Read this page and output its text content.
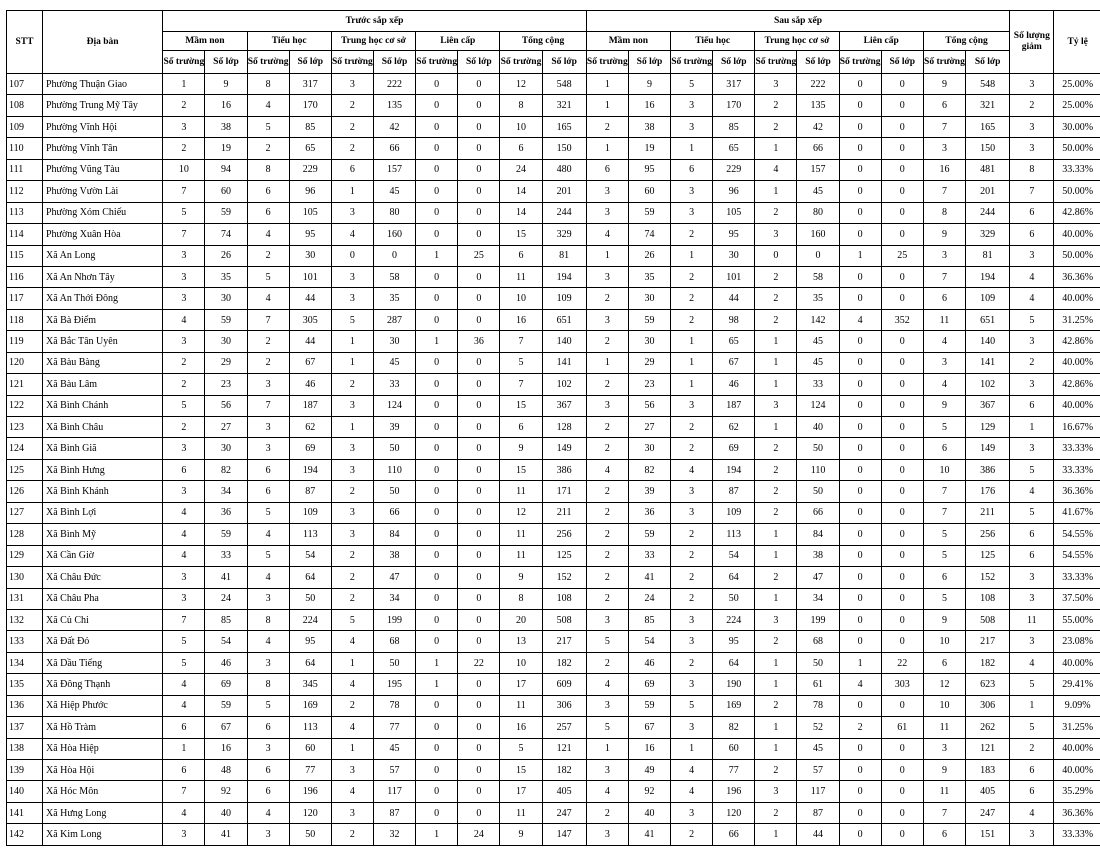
STT	Địa bàn	Trước sắp xếp										Sau sắp xếp										Số lượng giảm	Tỷ lệ
		Mầm non		Tiểu học		Trung học cơ sở		Liên cấp		Tổng cộng		Mầm non		Tiểu học		Trung học cơ sở		Liên cấp		Tổng cộng			
		Số trường	Số lớp	Số trường	Số lớp	Số trường	Số lớp	Số trường	Số lớp	Số trường	Số lớp	Số trường	Số lớp	Số trường	Số lớp	Số trường	Số lớp	Số trường	Số lớp	Số trường	Số lớp		
107	Phường Thuận Giao	1	9	8	317	3	222	0	0	12	548	1	9	5	317	3	222	0	0	9	548	3	25.00%
108	Phường Trung Mỹ Tây	2	16	4	170	2	135	0	0	8	321	1	16	3	170	2	135	0	0	6	321	2	25.00%
109	Phường Vĩnh Hội	3	38	5	85	2	42	0	0	10	165	2	38	3	85	2	42	0	0	7	165	3	30.00%
110	Phường Vĩnh Tân	2	19	2	65	2	66	0	0	6	150	1	19	1	65	1	66	0	0	3	150	3	50.00%
111	Phường Vũng Tàu	10	94	8	229	6	157	0	0	24	480	6	95	6	229	4	157	0	0	16	481	8	33.33%
112	Phường Vườn Lài	7	60	6	96	1	45	0	0	14	201	3	60	3	96	1	45	0	0	7	201	7	50.00%
113	Phường Xóm Chiếu	5	59	6	105	3	80	0	0	14	244	3	59	3	105	2	80	0	0	8	244	6	42.86%
114	Phường Xuân Hòa	7	74	4	95	4	160	0	0	15	329	4	74	2	95	3	160	0	0	9	329	6	40.00%
115	Xã An Long	3	26	2	30	0	0	1	25	6	81	1	26	1	30	0	0	1	25	3	81	3	50.00%
116	Xã An Nhơn Tây	3	35	5	101	3	58	0	0	11	194	3	35	2	101	2	58	0	0	7	194	4	36.36%
117	Xã An Thới Đông	3	30	4	44	3	35	0	0	10	109	2	30	2	44	2	35	0	0	6	109	4	40.00%
118	Xã Bà Điểm	4	59	7	305	5	287	0	0	16	651	3	59	2	98	2	142	4	352	11	651	5	31.25%
119	Xã Bắc Tân Uyên	3	30	2	44	1	30	1	36	7	140	2	30	1	65	1	45	0	0	4	140	3	42.86%
120	Xã Bàu Bàng	2	29	2	67	1	45	0	0	5	141	1	29	1	67	1	45	0	0	3	141	2	40.00%
121	Xã Bàu Lâm	2	23	3	46	2	33	0	0	7	102	2	23	1	46	1	33	0	0	4	102	3	42.86%
122	Xã Bình Chánh	5	56	7	187	3	124	0	0	15	367	3	56	3	187	3	124	0	0	9	367	6	40.00%
123	Xã Bình Châu	2	27	3	62	1	39	0	0	6	128	2	27	2	62	1	40	0	0	5	129	1	16.67%
124	Xã Bình Giã	3	30	3	69	3	50	0	0	9	149	2	30	2	69	2	50	0	0	6	149	3	33.33%
125	Xã Bình Hưng	6	82	6	194	3	110	0	0	15	386	4	82	4	194	2	110	0	0	10	386	5	33.33%
126	Xã Bình Khánh	3	34	6	87	2	50	0	0	11	171	2	39	3	87	2	50	0	0	7	176	4	36.36%
127	Xã Bình Lợi	4	36	5	109	3	66	0	0	12	211	2	36	3	109	2	66	0	0	7	211	5	41.67%
128	Xã Bình Mỹ	4	59	4	113	3	84	0	0	11	256	2	59	2	113	1	84	0	0	5	256	6	54.55%
129	Xã Cần Giờ	4	33	5	54	2	38	0	0	11	125	2	33	2	54	1	38	0	0	5	125	6	54.55%
130	Xã Châu Đức	3	41	4	64	2	47	0	0	9	152	2	41	2	64	2	47	0	0	6	152	3	33.33%
131	Xã Châu Pha	3	24	3	50	2	34	0	0	8	108	2	24	2	50	1	34	0	0	5	108	3	37.50%
132	Xã Củ Chi	7	85	8	224	5	199	0	0	20	508	3	85	3	224	3	199	0	0	9	508	11	55.00%
133	Xã Đất Đỏ	5	54	4	95	4	68	0	0	13	217	5	54	3	95	2	68	0	0	10	217	3	23.08%
134	Xã Dầu Tiếng	5	46	3	64	1	50	1	22	10	182	2	46	2	64	1	50	1	22	6	182	4	40.00%
135	Xã Đông Thạnh	4	69	8	345	4	195	1	0	17	609	4	69	3	190	1	61	4	303	12	623	5	29.41%
136	Xã Hiệp Phước	4	59	5	169	2	78	0	0	11	306	3	59	5	169	2	78	0	0	10	306	1	9.09%
137	Xã Hồ Tràm	6	67	6	113	4	77	0	0	16	257	5	67	3	82	1	52	2	61	11	262	5	31.25%
138	Xã Hòa Hiệp	1	16	3	60	1	45	0	0	5	121	1	16	1	60	1	45	0	0	3	121	2	40.00%
139	Xã Hòa Hội	6	48	6	77	3	57	0	0	15	182	3	49	4	77	2	57	0	0	9	183	6	40.00%
140	Xã Hóc Môn	7	92	6	196	4	117	0	0	17	405	4	92	4	196	3	117	0	0	11	405	6	35.29%
141	Xã Hưng Long	4	40	4	120	3	87	0	0	11	247	2	40	3	120	2	87	0	0	7	247	4	36.36%
142	Xã Kim Long	3	41	3	50	2	32	1	24	9	147	3	41	2	66	1	44	0	0	6	151	3	33.33%
